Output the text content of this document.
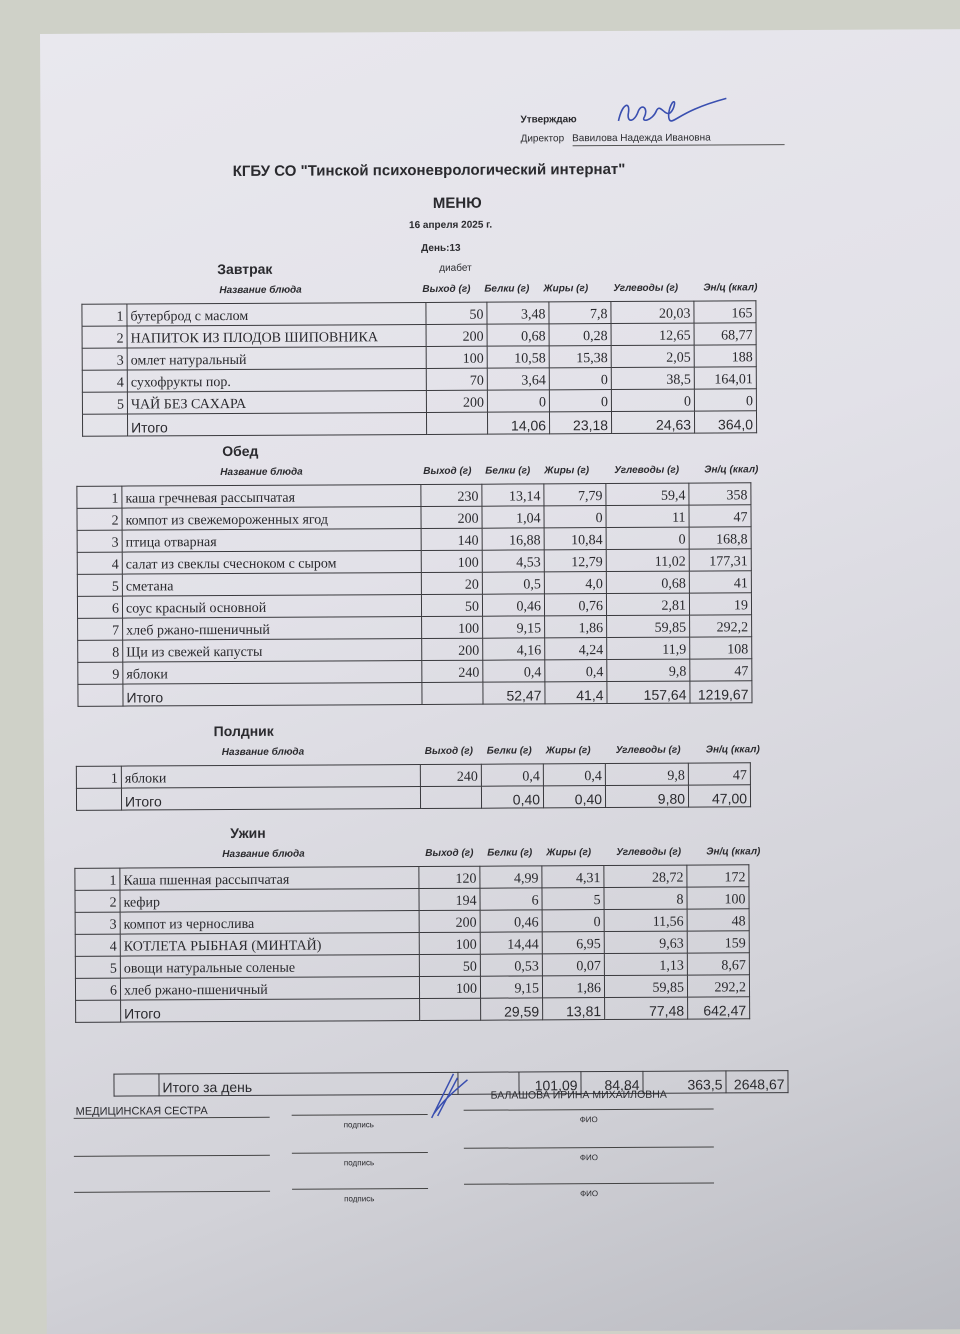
Утверждаю
Директор Вавилова Надежда Ивановна
КГБУ СО "Тинской психоневрологический интернат"
МЕНЮ
16 апреля 2025 г.
День:13
диабет
Завтрак
Название блюда	Выход (г) Белки (г) Жиры (г)	Углеводы (г)	Эн/ц (ккал)
1	бутерброд с маслом	50	3,48	7,8	20,03	165
2	НАПИТОК ИЗ ПЛОДОВ ШИПОВНИКА	200	0,68	0,28	12,65	68,77
3	омлет натуральный	100	10,58	15,38	2,05	188
4	сухофрукты пор.	70	3,64	0	38,5	164,01
5	ЧАЙ БЕЗ САХАРА	200	0	0	0	0
	Итого		14,06	23,18	24,63	364,0
Обед
Название блюда	Выход (г) Белки (г) Жиры (г)	Углеводы (г)	Эн/ц (ккал)
1	каша гречневая рассыпчатая	230	13,14	7,79	59,4	358
2	компот из свежемороженных ягод	200	1,04	0	11	47
3	птица отварная	140	16,88	10,84	0	168,8
4	салат из свеклы счесноком с сыром	100	4,53	12,79	11,02	177,31
5	сметана	20	0,5	4,0	0,68	41
6	соус красный основной	50	0,46	0,76	2,81	19
7	хлеб ржано-пшеничный	100	9,15	1,86	59,85	292,2
8	Щи из свежей капусты	200	4,16	4,24	11,9	108
9	яблоки	240	0,4	0,4	9,8	47
	Итого		52,47	41,4	157,64	1219,67
Полдник
Название блюда	Выход (г) Белки (г) Жиры (г)	Углеводы (г)	Эн/ц (ккал)
1	яблоки	240	0,4	0,4	9,8	47
	Итого		0,40	0,40	9,80	47,00
Ужин
Название блюда	Выход (г) Белки (г) Жиры (г)	Углеводы (г)	Эн/ц (ккал)
1	Каша пшенная рассыпчатая	120	4,99	4,31	28,72	172
2	кефир	194	6	5	8	100
3	компот из чернослива	200	0,46	0	11,56	48
4	КОТЛЕТА РЫБНАЯ (МИНТАЙ)	100	14,44	6,95	9,63	159
5	овощи натуральные соленые	50	0,53	0,07	1,13	8,67
6	хлеб ржано-пшеничный	100	9,15	1,86	59,85	292,2
	Итого		29,59	13,81	77,48	642,47
	Итого за день		101,09	84,84	363,5	2648,67
МЕДИЦИНСКАЯ СЕСТРА
БАЛАШОВА ИРИНА МИХАЙЛОВНА
подпись
ФИО
подпись
ФИО
подпись
ФИО
